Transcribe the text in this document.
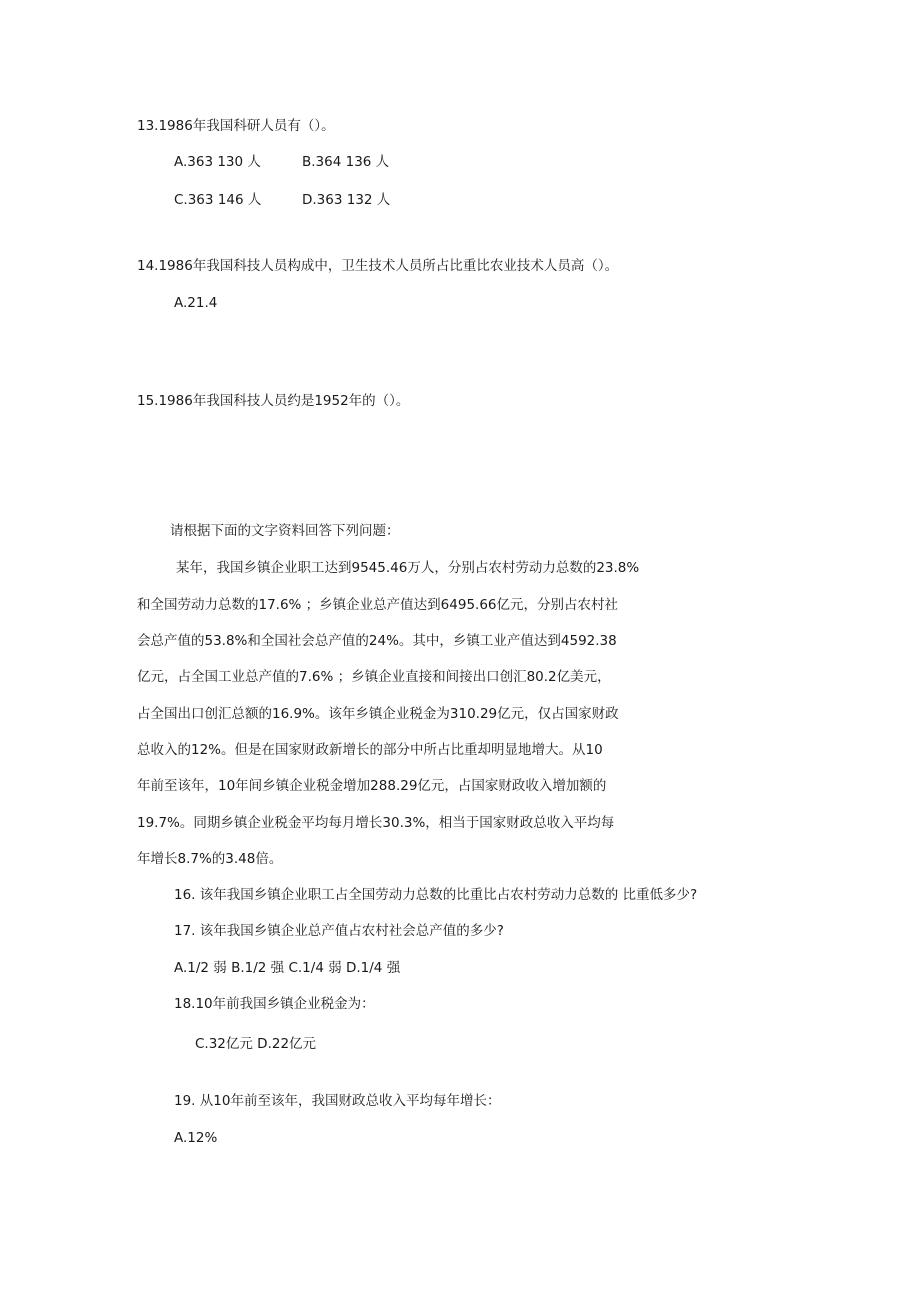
13.1986年我国科研人员有（）。
A.363 130 人	B.364 136 人
C.363 146 人	D.363 132 人
14.1986年我国科技人员构成中，卫生技术人员所占比重比农业技术人员高（）。
A.21.4
15.1986年我国科技人员约是1952年的（）。
请根据下面的文字资料回答下列问题：
某年，我国乡镇企业职工达到9545.46万人，分别占农村劳动力总数的23.8%
和全国劳动力总数的17.6% ；乡镇企业总产值达到6495.66亿元，分别占农村社
会总产值的53.8%和全国社会总产值的24%。其中，乡镇工业产值达到4592.38
亿元，占全国工业总产值的7.6% ；乡镇企业直接和间接出口创汇80.2亿美元，
占全国出口创汇总额的16.9%。该年乡镇企业税金为310.29亿元，仅占国家财政
总收入的12%。但是在国家财政新增长的部分中所占比重却明显地增大。从10
年前至该年，10年间乡镇企业税金增加288.29亿元，占国家财政收入增加额的
19.7%。同期乡镇企业税金平均每月增长30.3%，相当于国家财政总收入平均每
年增长8.7%的3.48倍。
16. 该年我国乡镇企业职工占全国劳动力总数的比重比占农村劳动力总数的 比重低多少?
17. 该年我国乡镇企业总产值占农村社会总产值的多少?
A.1/2 弱 B.1/2 强 C.1/4 弱 D.1/4 强
18.10年前我国乡镇企业税金为：
C.32亿元 D.22亿元
19. 从10年前至该年，我国财政总收入平均每年增长：
A.12%
